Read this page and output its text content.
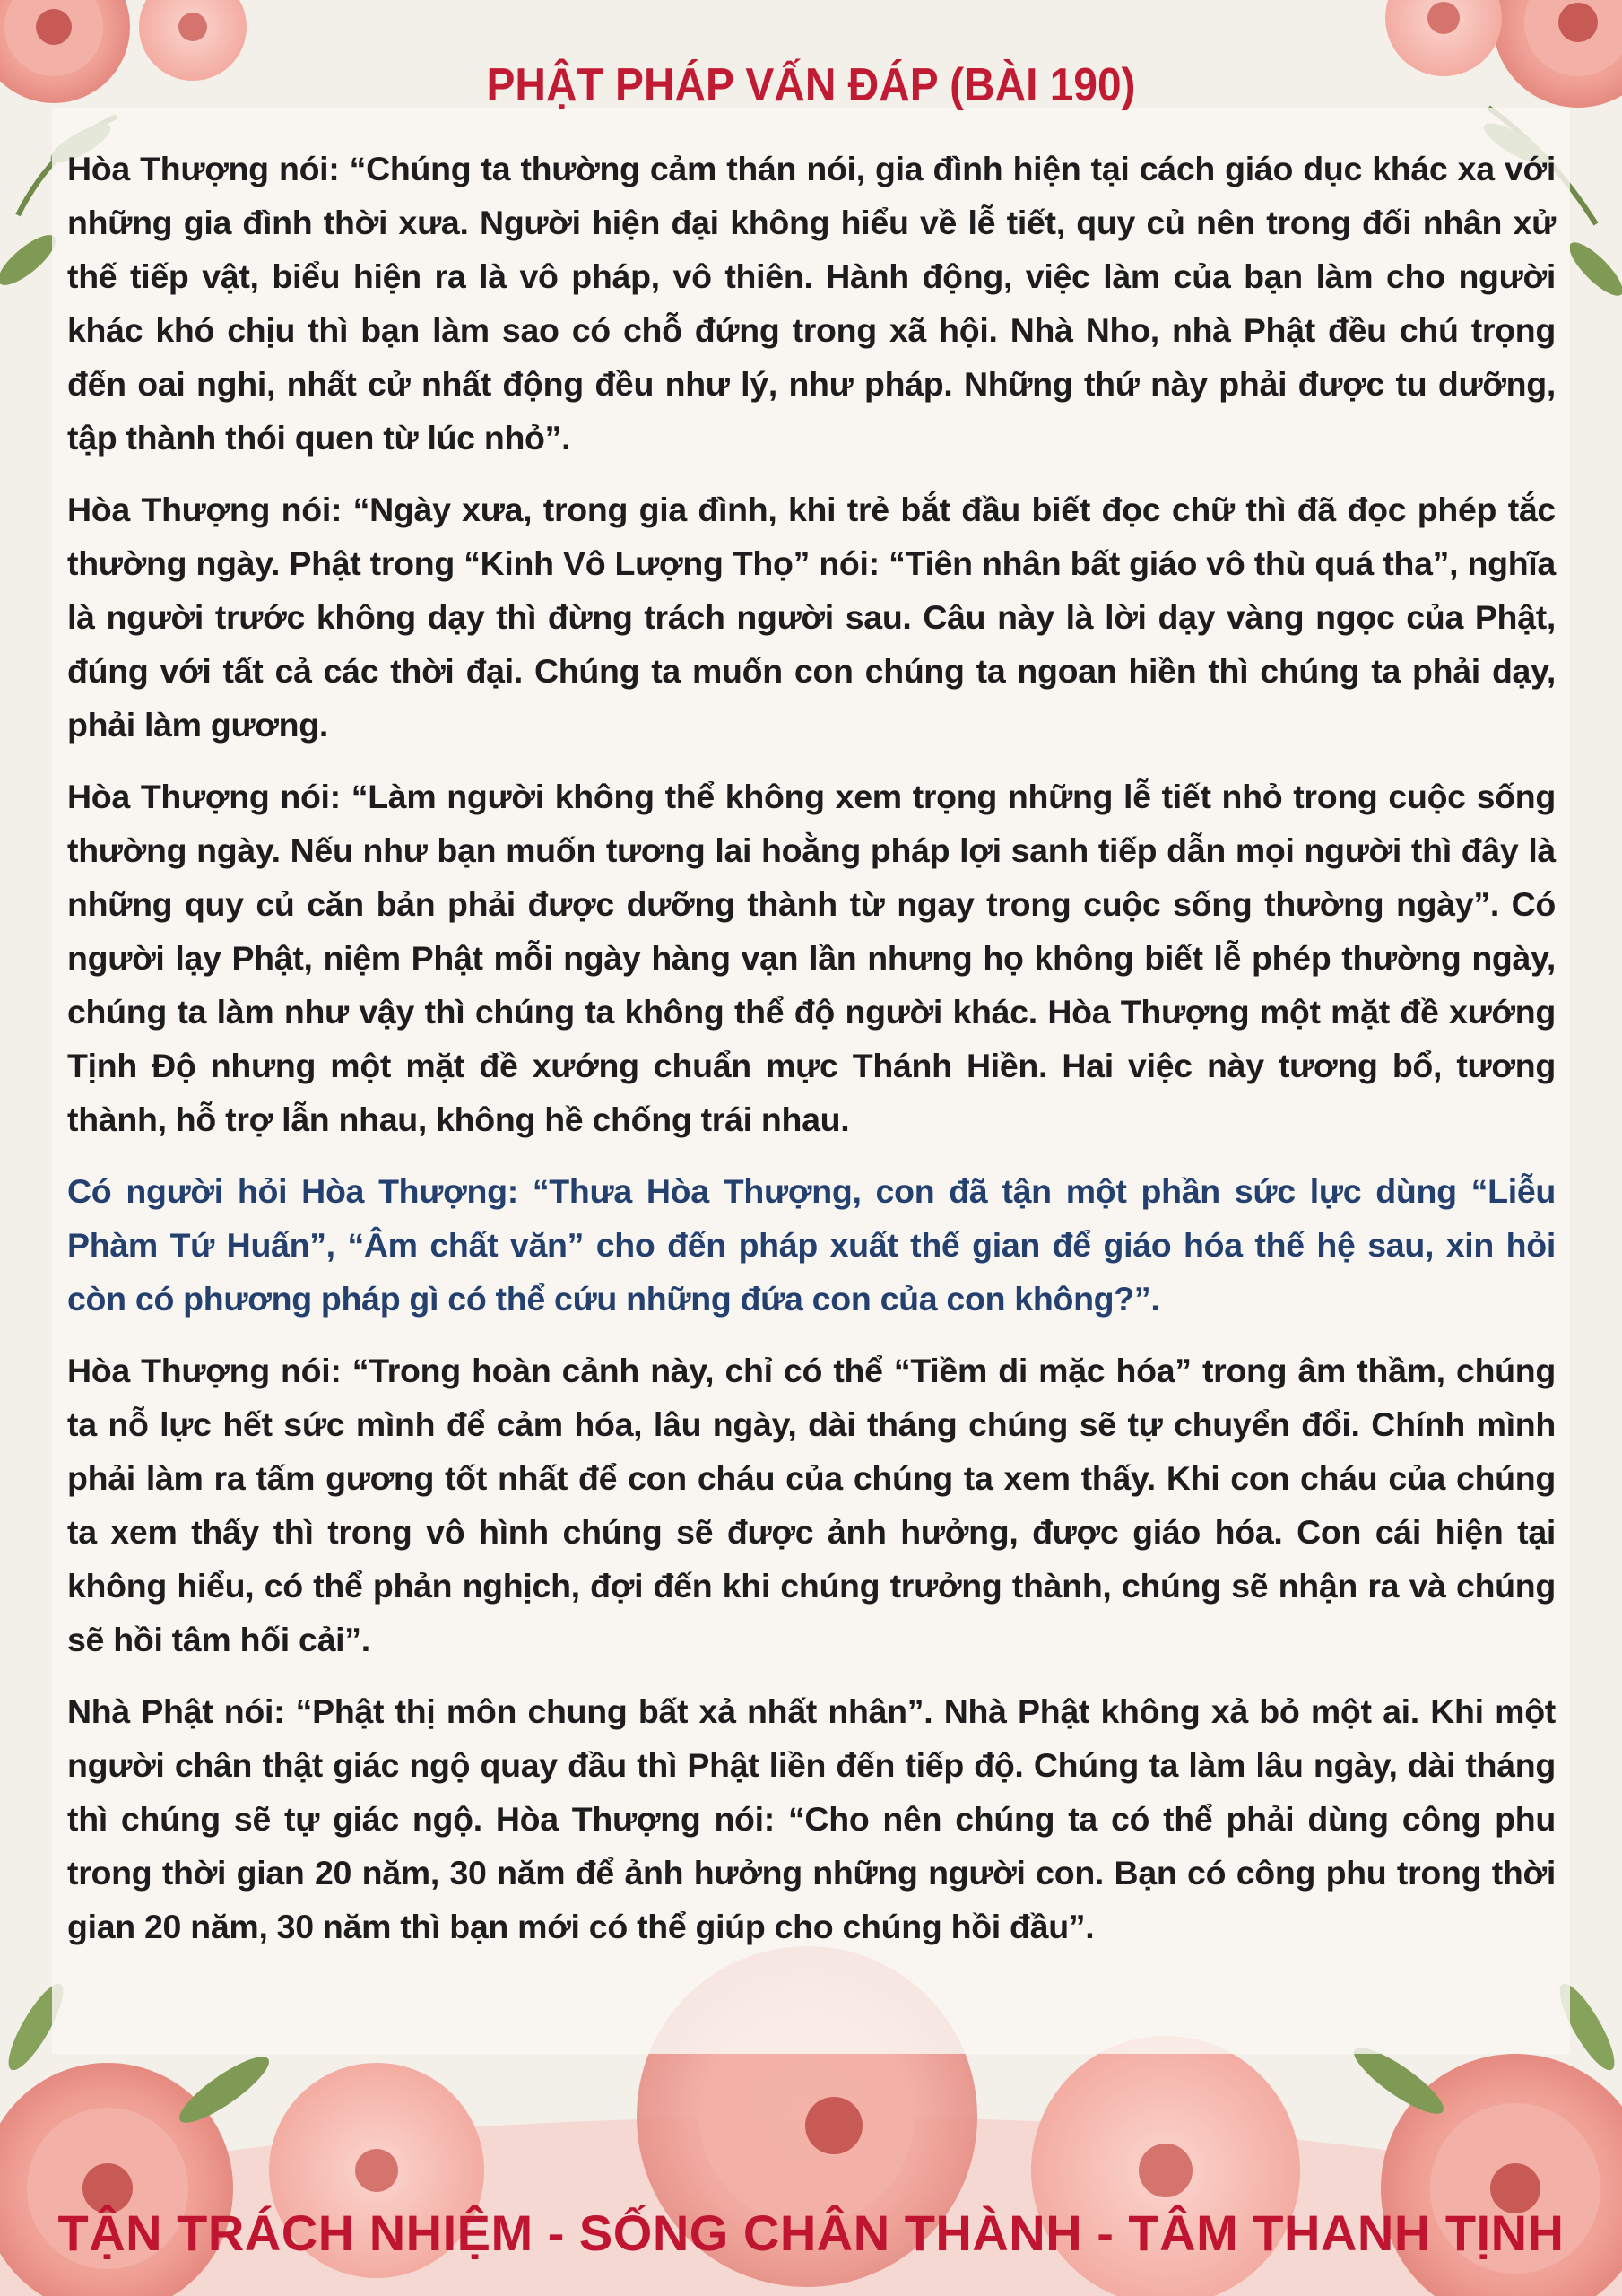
PHẬT PHÁP VẤN ĐÁP (BÀI 190)

Hòa Thượng nói: “Chúng ta thường cảm thán nói, gia đình hiện tại cách giáo dục khác xa với những gia đình thời xưa. Người hiện đại không hiểu về lễ tiết, quy củ nên trong đối nhân xử thế tiếp vật, biểu hiện ra là vô pháp, vô thiên. Hành động, việc làm của bạn làm cho người khác khó chịu thì bạn làm sao có chỗ đứng trong xã hội. Nhà Nho, nhà Phật đều chú trọng đến oai nghi, nhất cử nhất động đều như lý, như pháp. Những thứ này phải được tu dưỡng, tập thành thói quen từ lúc nhỏ”.

Hòa Thượng nói: “Ngày xưa, trong gia đình, khi trẻ bắt đầu biết đọc chữ thì đã đọc phép tắc thường ngày. Phật trong “Kinh Vô Lượng Thọ” nói: “Tiên nhân bất giáo vô thù quá tha”, nghĩa là người trước không dạy thì đừng trách người sau. Câu này là lời dạy vàng ngọc của Phật, đúng với tất cả các thời đại. Chúng ta muốn con chúng ta ngoan hiền thì chúng ta phải dạy, phải làm gương.

Hòa Thượng nói: “Làm người không thể không xem trọng những lễ tiết nhỏ trong cuộc sống thường ngày. Nếu như bạn muốn tương lai hoằng pháp lợi sanh tiếp dẫn mọi người thì đây là những quy củ căn bản phải được dưỡng thành từ ngay trong cuộc sống thường ngày”. Có người lạy Phật, niệm Phật mỗi ngày hàng vạn lần nhưng họ không biết lễ phép thường ngày, chúng ta làm như vậy thì chúng ta không thể độ người khác. Hòa Thượng một mặt đề xướng Tịnh Độ nhưng một mặt đề xướng chuẩn mực Thánh Hiền. Hai việc này tương bổ, tương thành, hỗ trợ lẫn nhau, không hề chống trái nhau.

Có người hỏi Hòa Thượng: “Thưa Hòa Thượng, con đã tận một phần sức lực dùng “Liễu Phàm Tứ Huấn”, “Âm chất văn” cho đến pháp xuất thế gian để giáo hóa thế hệ sau, xin hỏi còn có phương pháp gì có thể cứu những đứa con của con không?”.

Hòa Thượng nói: “Trong hoàn cảnh này, chỉ có thể “Tiềm di mặc hóa” trong âm thầm, chúng ta nỗ lực hết sức mình để cảm hóa, lâu ngày, dài tháng chúng sẽ tự chuyển đổi. Chính mình phải làm ra tấm gương tốt nhất để con cháu của chúng ta xem thấy. Khi con cháu của chúng ta xem thấy thì trong vô hình chúng sẽ được ảnh hưởng, được giáo hóa. Con cái hiện tại không hiểu, có thể phản nghịch, đợi đến khi chúng trưởng thành, chúng sẽ nhận ra và chúng sẽ hồi tâm hối cải”.

Nhà Phật nói: “Phật thị môn chung bất xả nhất nhân”. Nhà Phật không xả bỏ một ai. Khi một người chân thật giác ngộ quay đầu thì Phật liền đến tiếp độ. Chúng ta làm lâu ngày, dài tháng thì chúng sẽ tự giác ngộ. Hòa Thượng nói: “Cho nên chúng ta có thể phải dùng công phu trong thời gian 20 năm, 30 năm để ảnh hưởng những người con. Bạn có công phu trong thời gian 20 năm, 30 năm thì bạn mới có thể giúp cho chúng hồi đầu”.

TẬN TRÁCH NHIỆM - SỐNG CHÂN THÀNH - TÂM THANH TỊNH
